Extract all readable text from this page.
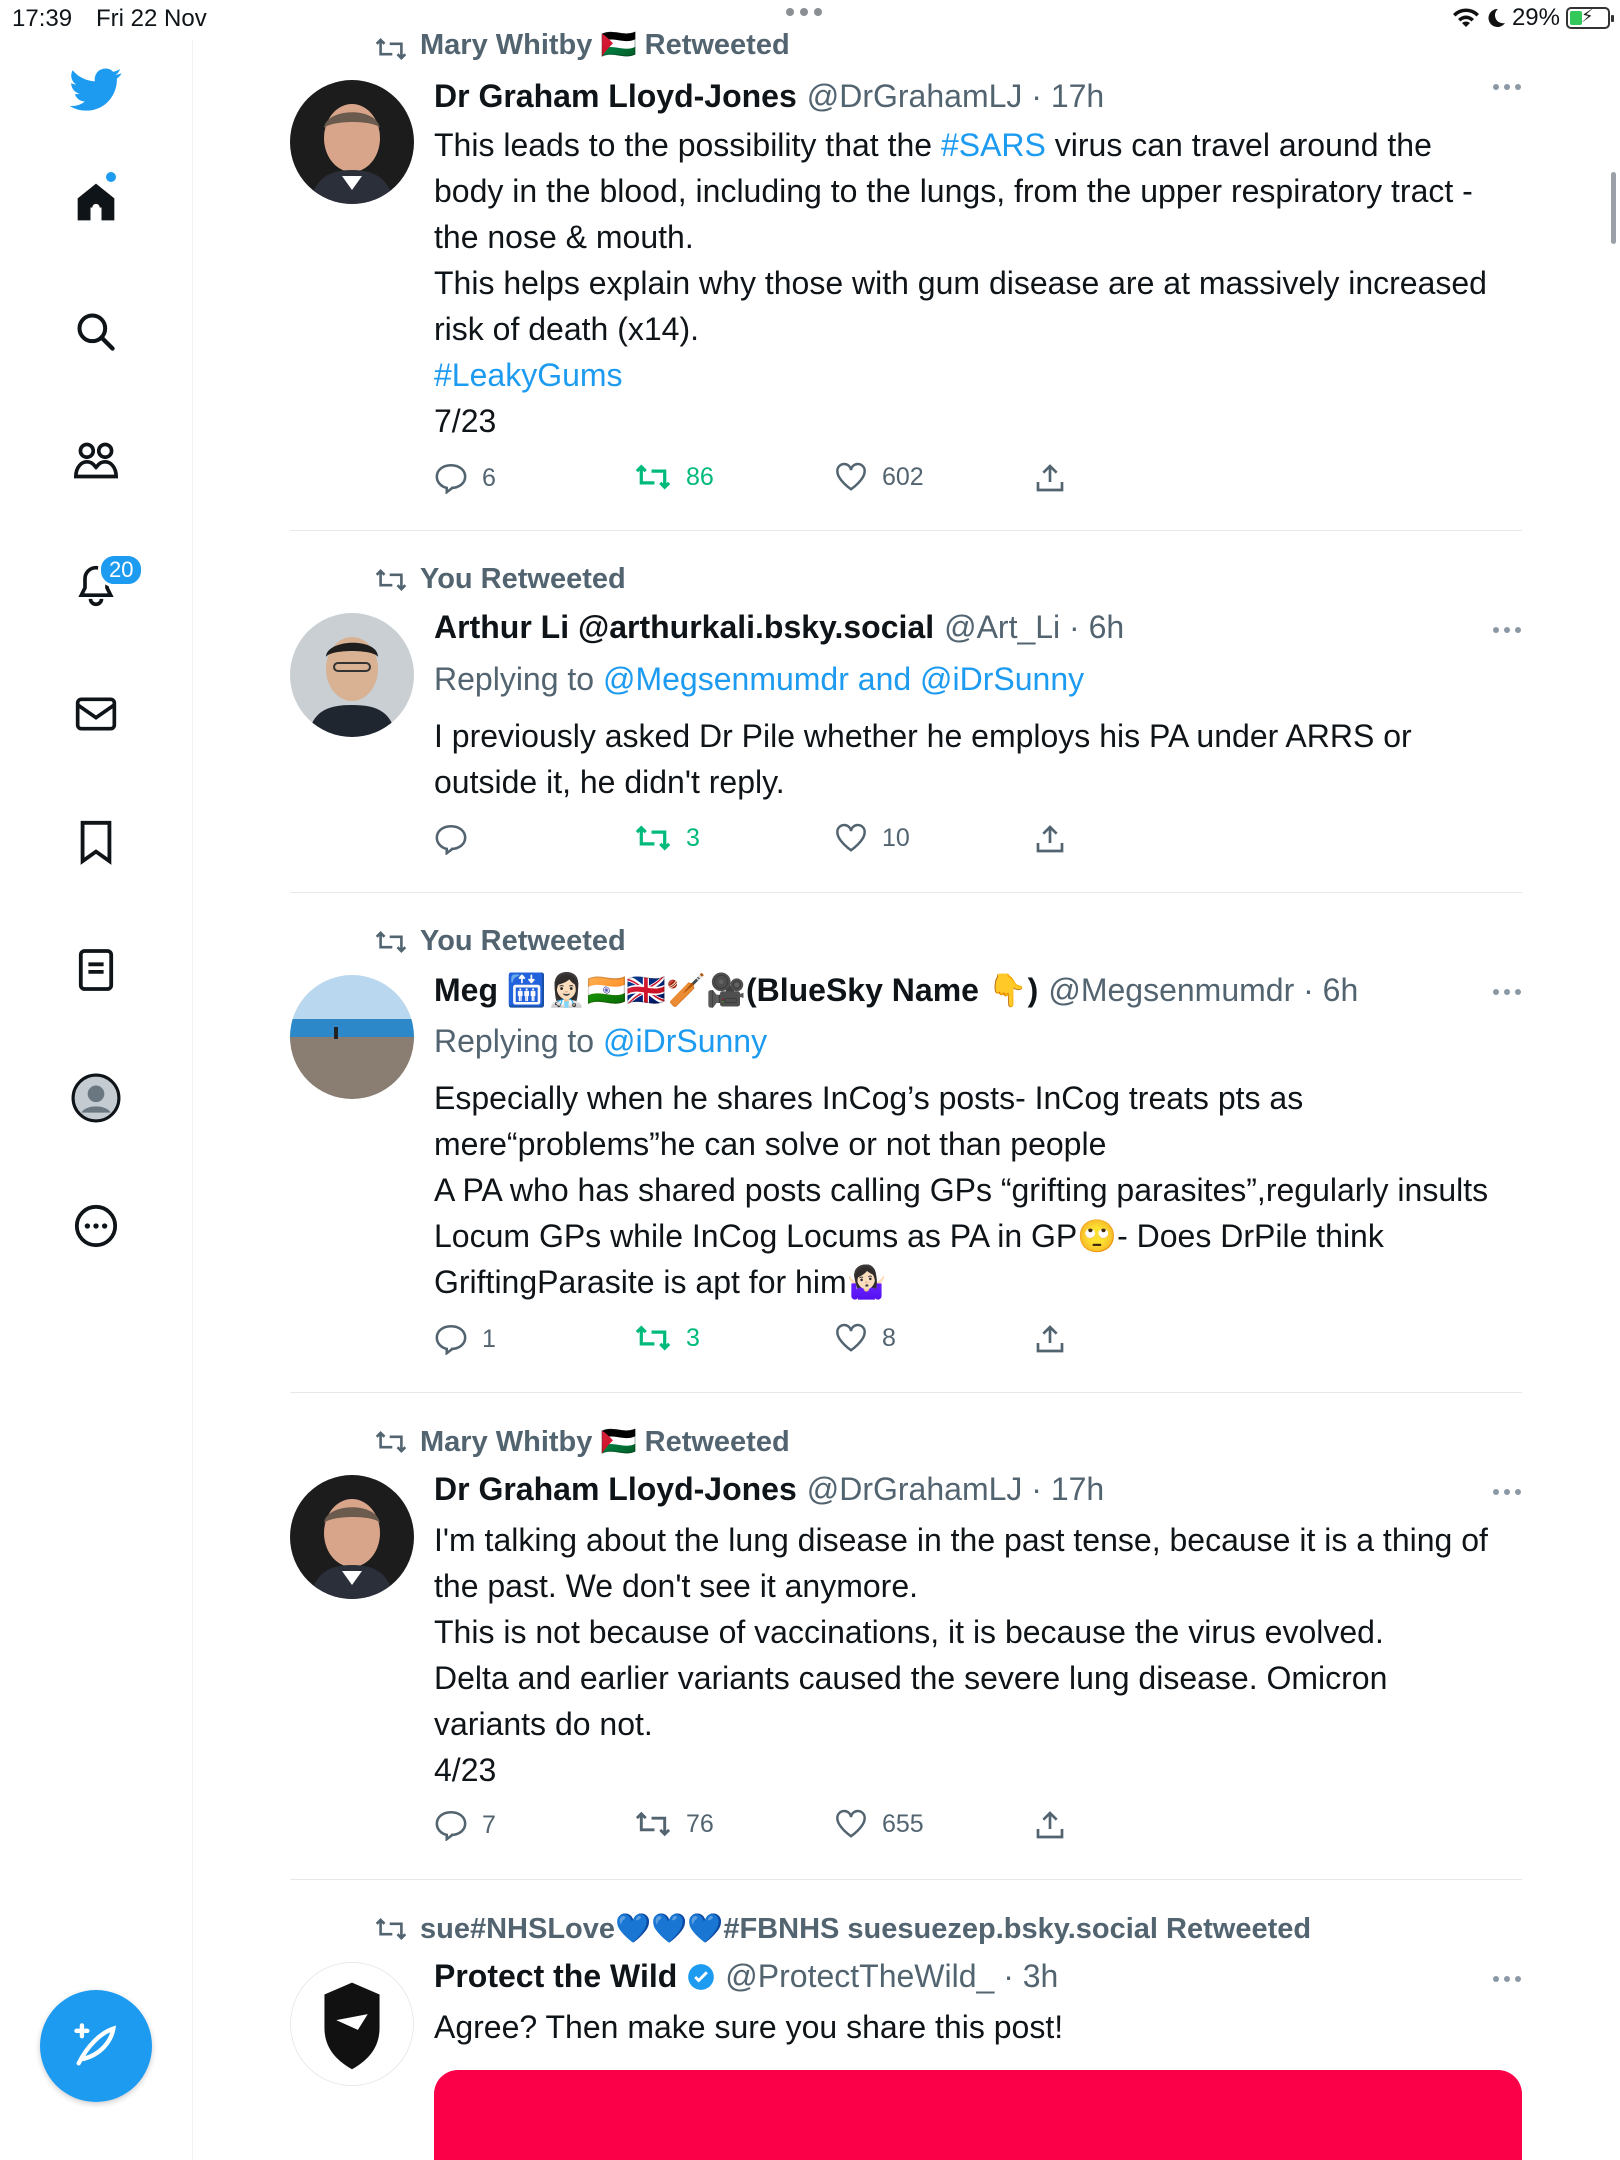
17:39 Fri 22 Nov	29% ⚡
20
Mary Whitby 🇵🇸 Retweeted
Dr Graham Lloyd-Jones @DrGrahamLJ · 17h
This leads to the possibility that the #SARS virus can travel around the body in the blood, including to the lungs, from the upper respiratory tract - the nose & mouth.
This helps explain why those with gum disease are at massively increased risk of death (x14).
#LeakyGums
7/23
6	86	602
You Retweeted
Arthur Li @arthurkali.bsky.social @Art_Li · 6h
Replying to @Megsenmumdr and @iDrSunny
I previously asked Dr Pile whether he employs his PA under ARRS or outside it, he didn't reply.
3	10
You Retweeted
Meg 🛗👩🏻‍⚕️🇮🇳🇬🇧🏏🎥(BlueSky Name 👇) @Megsenmumdr · 6h
Replying to @iDrSunny
Especially when he shares InCog’s posts- InCog treats pts as mere“problems”he can solve or not than people
A PA who has shared posts calling GPs “grifting parasites”,regularly insults Locum GPs while InCog Locums as PA in GP🙄- Does DrPile think GriftingParasite is apt for him🤷🏻‍♀️
1	3	8
Mary Whitby 🇵🇸 Retweeted
Dr Graham Lloyd-Jones @DrGrahamLJ · 17h
I'm talking about the lung disease in the past tense, because it is a thing of the past. We don't see it anymore.
This is not because of vaccinations, it is because the virus evolved.
Delta and earlier variants caused the severe lung disease. Omicron variants do not.
4/23
7	76	655
sue#NHSLove💙💙💙#FBNHS suesuezep.bsky.social Retweeted
Protect the Wild @ProtectTheWild_ · 3h
Agree? Then make sure you share this post!
